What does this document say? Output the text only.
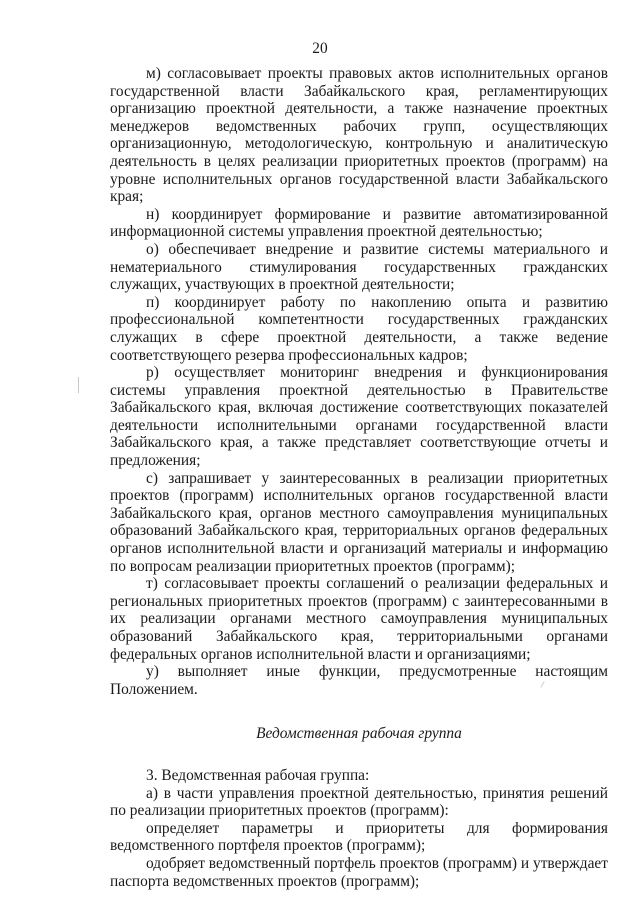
20

м) согласовывает проекты правовых актов исполнительных органов государственной власти Забайкальского края, регламентирующих организацию проектной деятельности, а также назначение проектных менеджеров ведомственных рабочих групп, осуществляющих организационную, методологическую, контрольную и аналитическую деятельность в целях реализации приоритетных проектов (программ) на уровне исполнительных органов государственной власти Забайкальского края;

н) координирует формирование и развитие автоматизированной информационной системы управления проектной деятельностью;

о) обеспечивает внедрение и развитие системы материального и нематериального стимулирования государственных гражданских служащих, участвующих в проектной деятельности;

п) координирует работу по накоплению опыта и развитию профессиональной компетентности государственных гражданских служащих в сфере проектной деятельности, а также ведение соответствующего резерва профессиональных кадров;

р) осуществляет мониторинг внедрения и функционирования системы управления проектной деятельностью в Правительстве Забайкальского края, включая достижение соответствующих показателей деятельности исполнительными органами государственной власти Забайкальского края, а также представляет соответствующие отчеты и предложения;

с) запрашивает у заинтересованных в реализации приоритетных проектов (программ) исполнительных органов государственной власти Забайкальского края, органов местного самоуправления муниципальных образований Забайкальского края, территориальных органов федеральных органов исполнительной власти и организаций материалы и информацию по вопросам реализации приоритетных проектов (программ);

т) согласовывает проекты соглашений о реализации федеральных и региональных приоритетных проектов (программ) с заинтересованными в их реализации органами местного самоуправления муниципальных образований Забайкальского края, территориальными органами федеральных органов исполнительной власти и организациями;

у) выполняет иные функции, предусмотренные настоящим Положением.

Ведомственная рабочая группа

3. Ведомственная рабочая группа:

а) в части управления проектной деятельностью, принятия решений по реализации приоритетных проектов (программ):

определяет параметры и приоритеты для формирования ведомственного портфеля проектов (программ);

одобряет ведомственный портфель проектов (программ) и утверждает паспорта ведомственных проектов (программ);
